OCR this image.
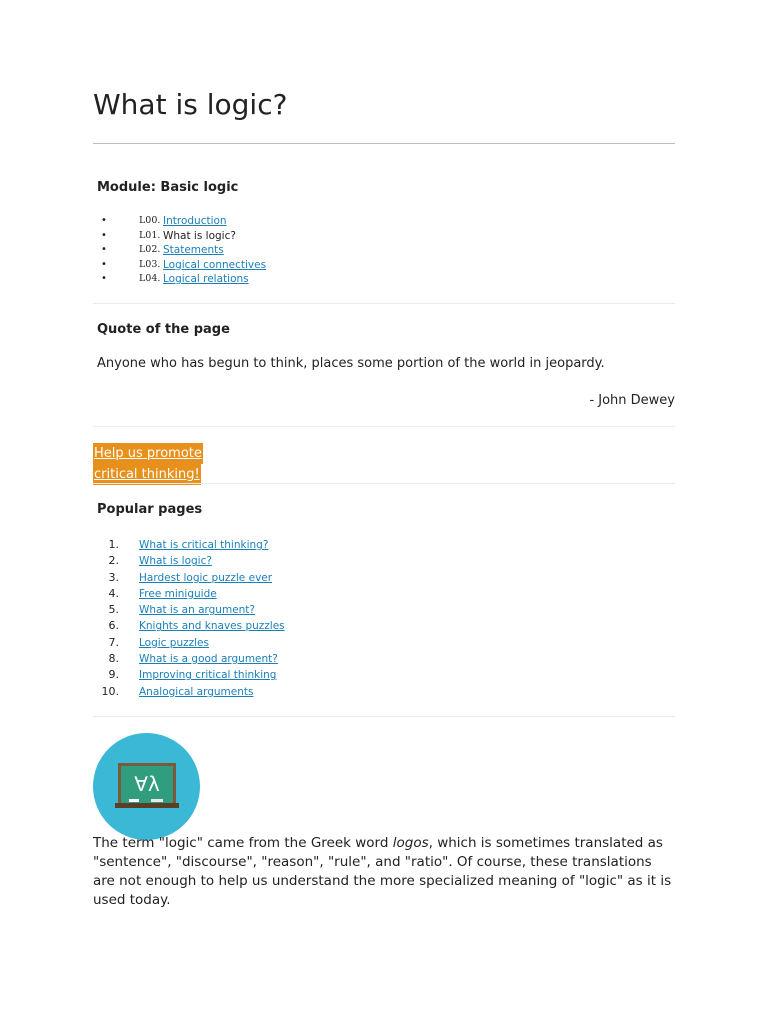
What is logic?
Module: Basic logic
•	L00. Introduction
•	L01. What is logic?
•	L02. Statements
•	L03. Logical connectives
•	L04. Logical relations
Quote of the page
Anyone who has begun to think, places some portion of the world in jeopardy.
- John Dewey
Help us promote
critical thinking!
Popular pages
1. What is critical thinking?
2. What is logic?
3. Hardest logic puzzle ever
4. Free miniguide
5. What is an argument?
6. Knights and knaves puzzles
7. Logic puzzles
8. What is a good argument?
9. Improving critical thinking
10. Analogical arguments
∀λ

The term "logic" came from the Greek word logos, which is sometimes translated as "sentence", "discourse", "reason", "rule", and "ratio". Of course, these translations are not enough to help us understand the more specialized meaning of "logic" as it is used today.
